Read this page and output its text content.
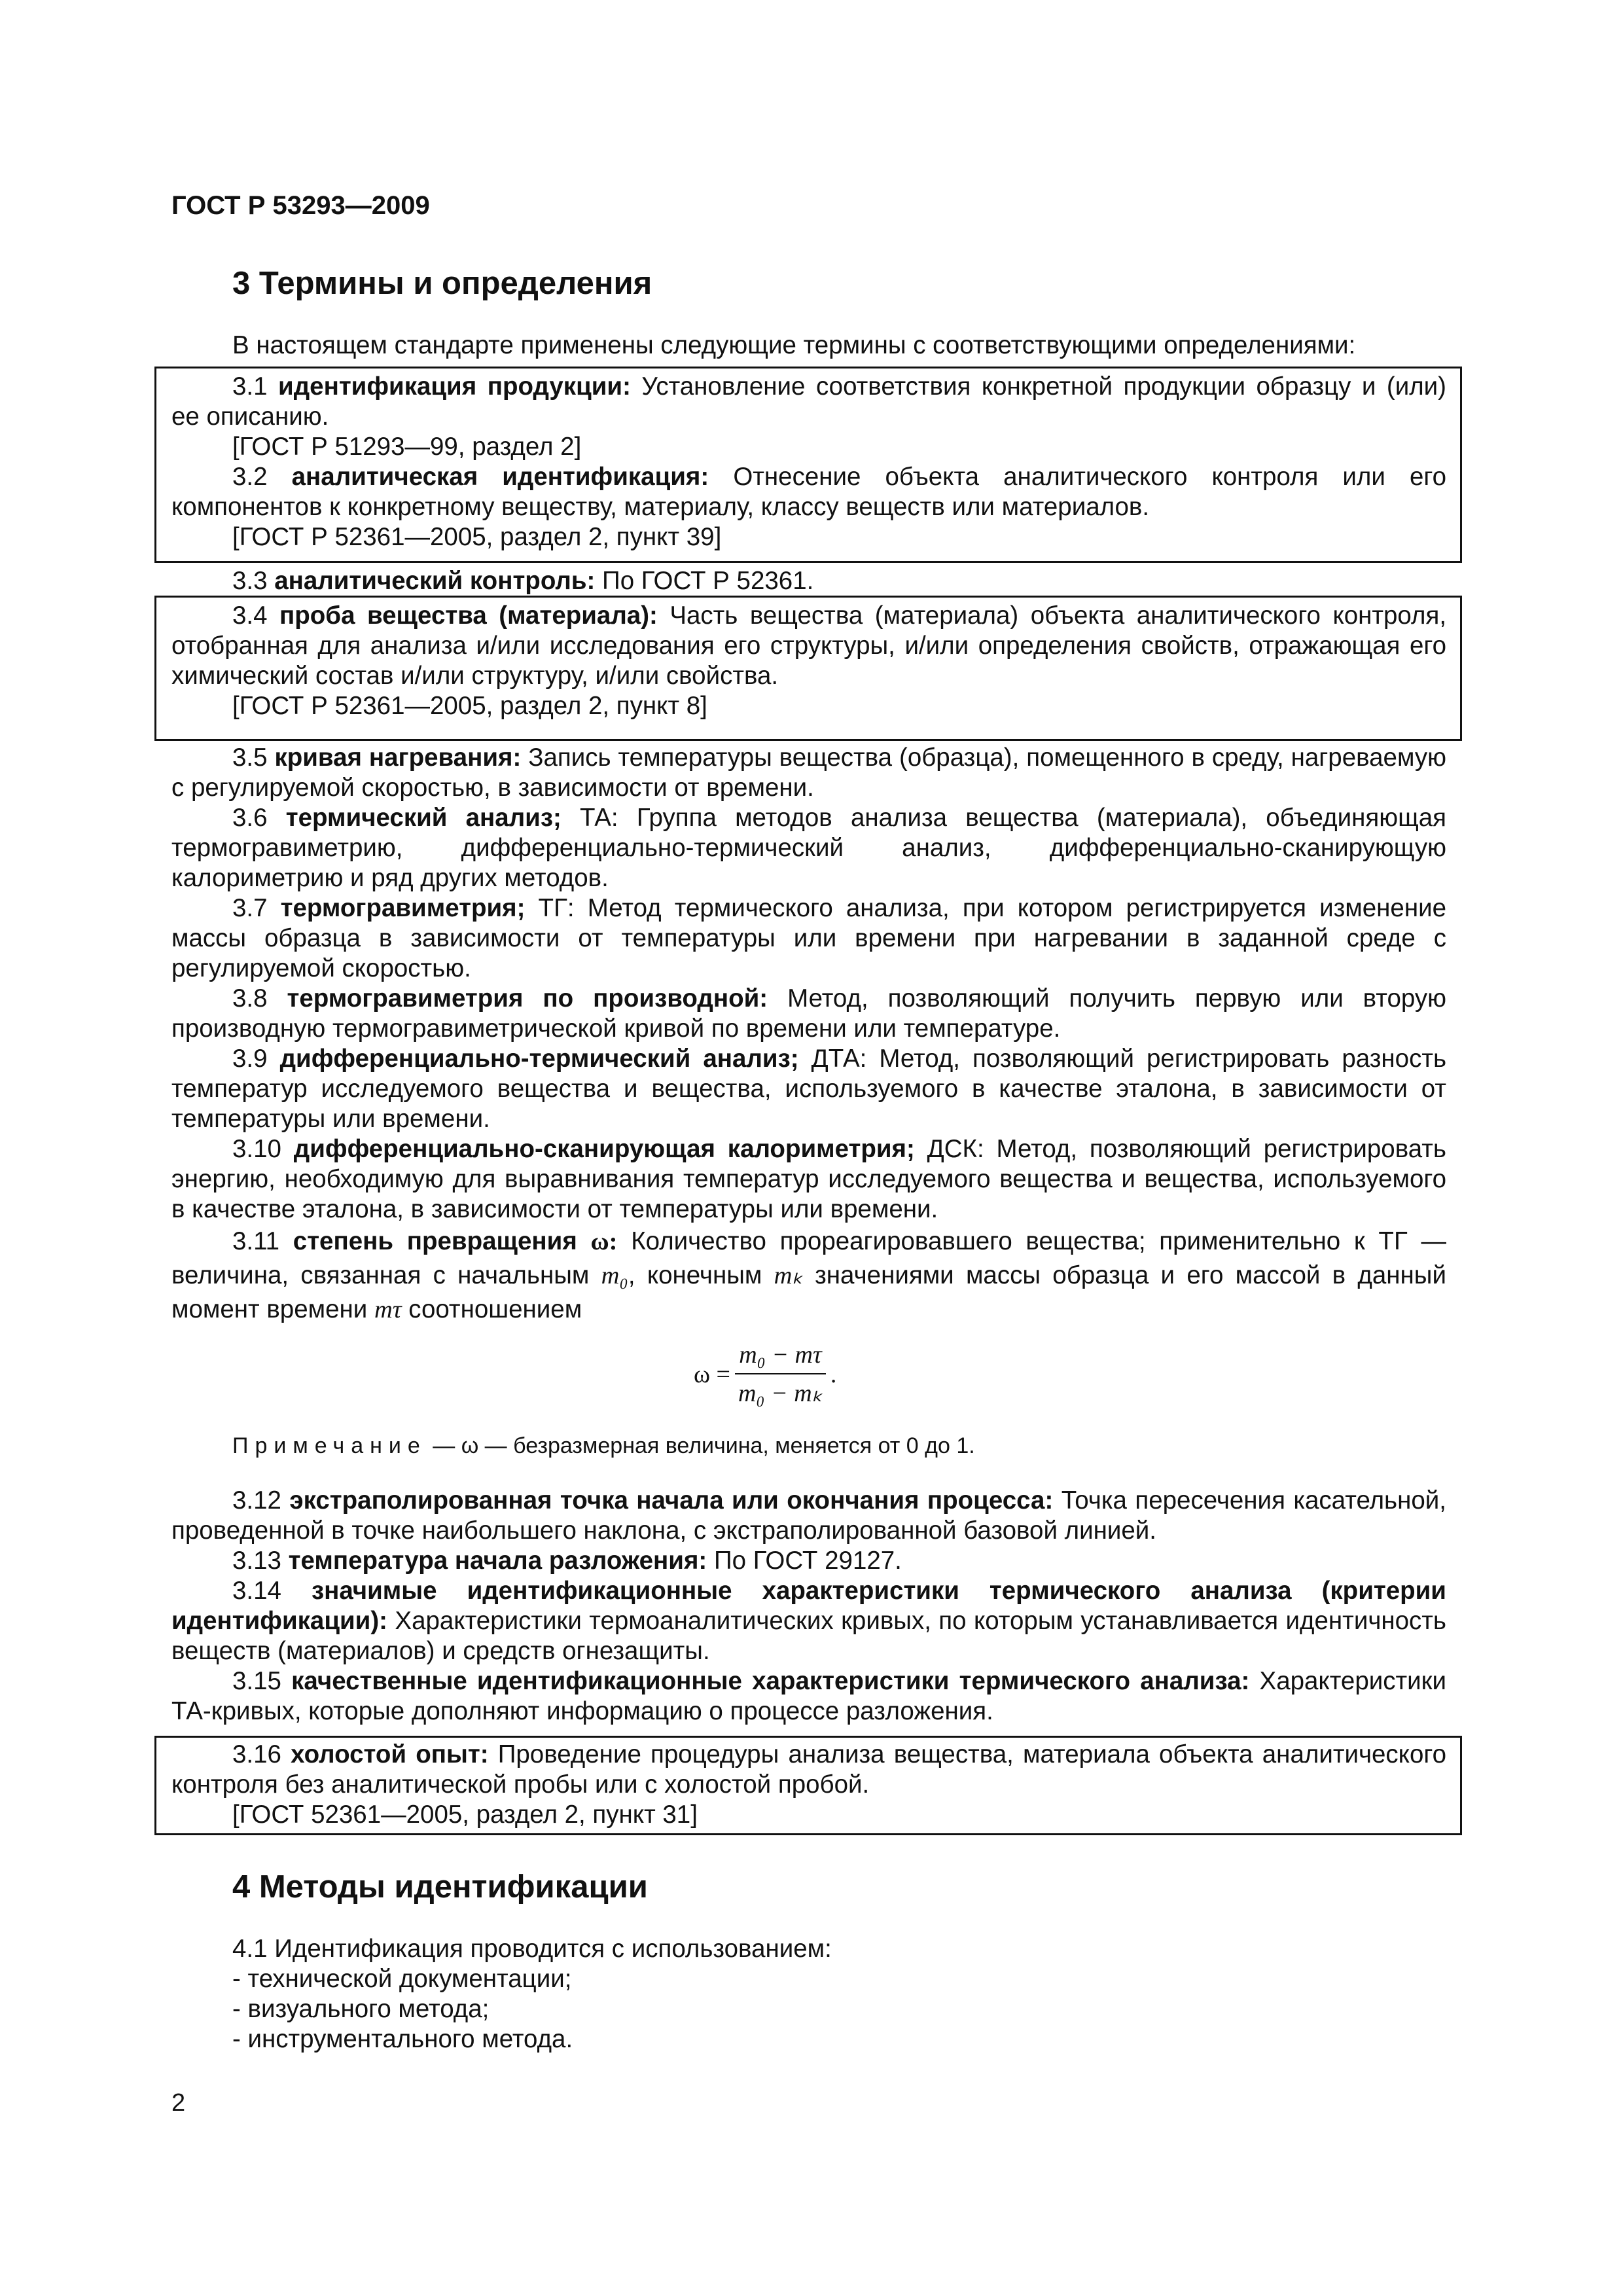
ГОСТ Р 53293—2009
3 Термины и определения

В настоящем стандарте применены следующие термины с соответствующими определениями:

3.1 идентификация продукции: Установление соответствия конкретной продукции образцу и (или) ее описанию.

[ГОСТ Р 51293—99, раздел 2]

3.2 аналитическая идентификация: Отнесение объекта аналитического контроля или его компонентов к конкретному веществу, материалу, классу веществ или материалов.

[ГОСТ Р 52361—2005, раздел 2, пункт 39]

3.3 аналитический контроль: По ГОСТ Р 52361.

3.4 проба вещества (материала): Часть вещества (материала) объекта аналитического контроля, отобранная для анализа и/или исследования его структуры, и/или определения свойств, отражающая его химический состав и/или структуру, и/или свойства.

[ГОСТ Р 52361—2005, раздел 2, пункт 8]

3.5 кривая нагревания: Запись температуры вещества (образца), помещенного в среду, нагреваемую с регулируемой скоростью, в зависимости от времени.

3.6 термический анализ; ТА: Группа методов анализа вещества (материала), объединяющая термогравиметрию, дифференциально-термический анализ, дифференциально-сканирующую калориметрию и ряд других методов.

3.7 термогравиметрия; ТГ: Метод термического анализа, при котором регистрируется изменение массы образца в зависимости от температуры или времени при нагревании в заданной среде с регулируемой скоростью.

3.8 термогравиметрия по производной: Метод, позволяющий получить первую или вторую производную термогравиметрической кривой по времени или температуре.

3.9 дифференциально-термический анализ; ДТА: Метод, позволяющий регистрировать разность температур исследуемого вещества и вещества, используемого в качестве эталона, в зависимости от температуры или времени.

3.10 дифференциально-сканирующая калориметрия; ДСК: Метод, позволяющий регистрировать энергию, необходимую для выравнивания температур исследуемого вещества и вещества, используемого в качестве эталона, в зависимости от температуры или времени.

3.11 степень превращения ω: Количество прореагировавшего вещества; применительно к ТГ — величина, связанная с начальным m₀, конечным mₖ значениями массы образца и его массой в данный момент времени mτ соотношением

$\omega = \frac{\text{m₀ − mτ}}{\text{m₀ − mₖ}}$ .
Примечание — ω — безразмерная величина, меняется от 0 до 1.

3.12 экстраполированная точка начала или окончания процесса: Точка пересечения касательной, проведенной в точке наибольшего наклона, с экстраполированной базовой линией.

3.13 температура начала разложения: По ГОСТ 29127.

3.14 значимые идентификационные характеристики термического анализа (критерии идентификации): Характеристики термоаналитических кривых, по которым устанавливается идентичность веществ (материалов) и средств огнезащиты.

3.15 качественные идентификационные характеристики термического анализа: Характеристики ТА-кривых, которые дополняют информацию о процессе разложения.

3.16 холостой опыт: Проведение процедуры анализа вещества, материала объекта аналитического контроля без аналитической пробы или с холостой пробой.

[ГОСТ 52361—2005, раздел 2, пункт 31]

4 Методы идентификации
4.1 Идентификация проводится с использованием:
- технической документации;
- визуального метода;
- инструментального метода.
2
